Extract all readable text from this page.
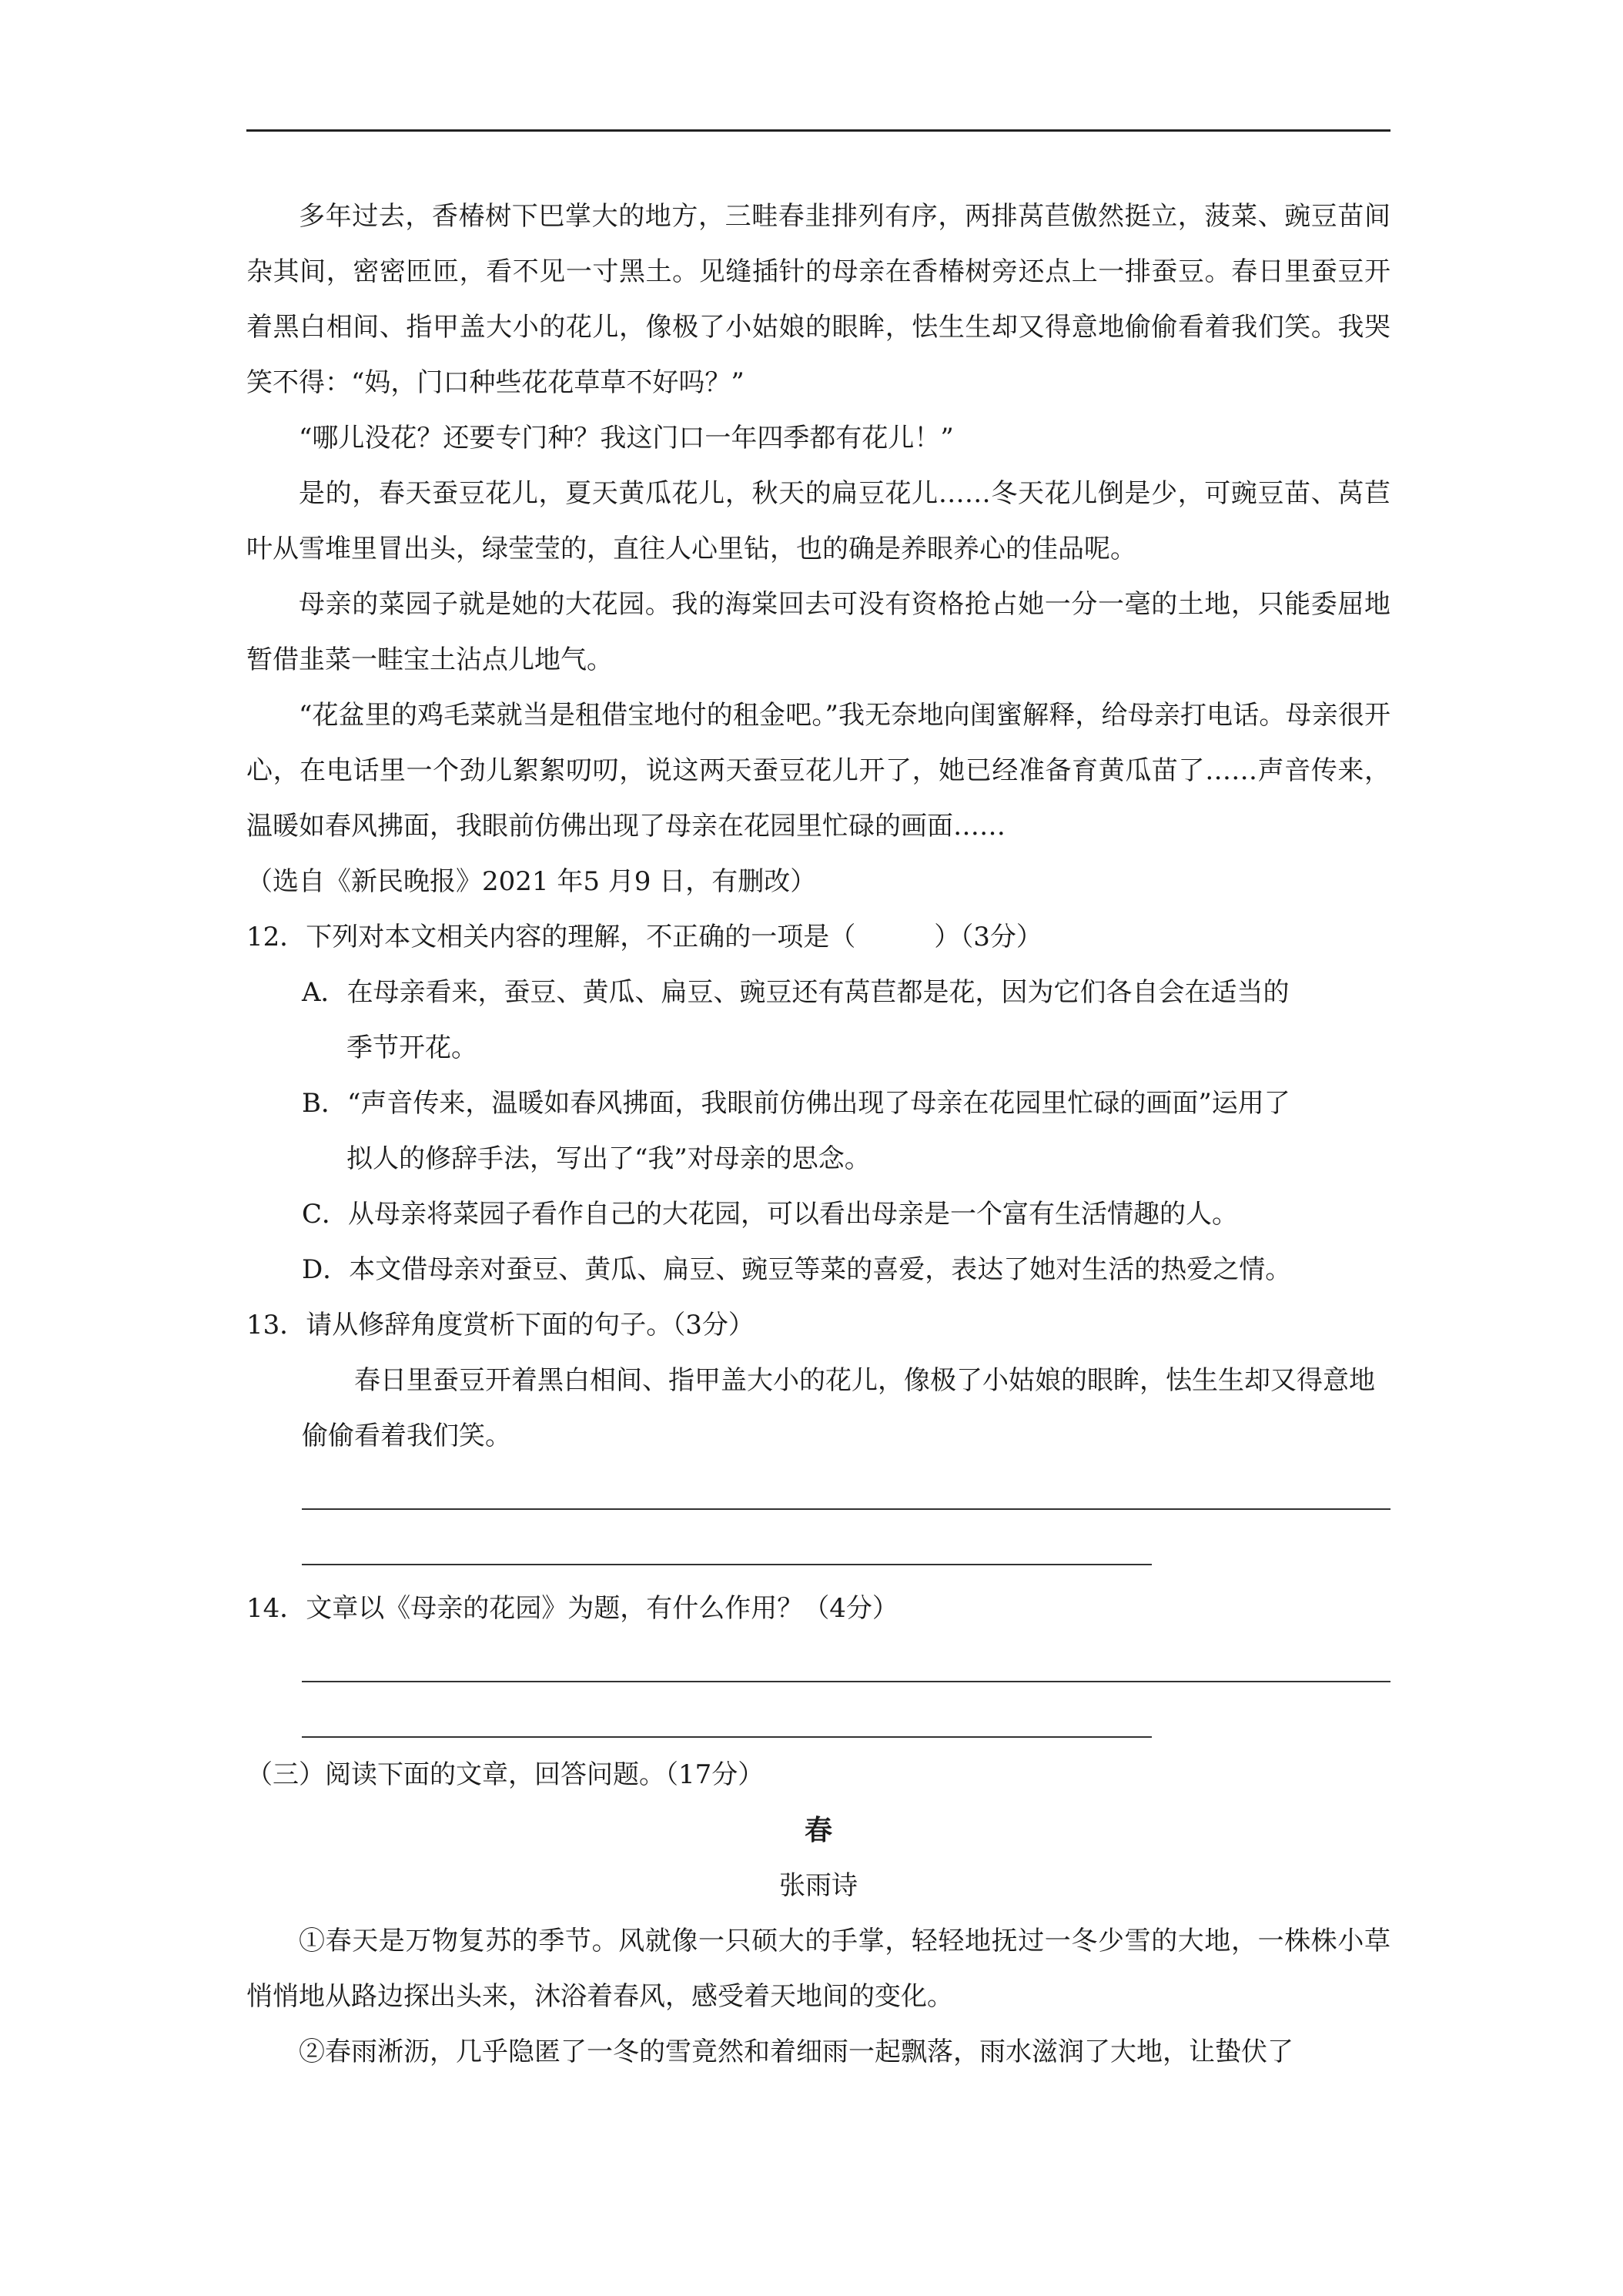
多年过去，香椿树下巴掌大的地方，三畦春韭排列有序，两排莴苣傲然挺立，菠菜、豌豆苗间杂其间，密密匝匝，看不见一寸黑土。见缝插针的母亲在香椿树旁还点上一排蚕豆。春日里蚕豆开着黑白相间、指甲盖大小的花儿，像极了小姑娘的眼眸，怯生生却又得意地偷偷看着我们笑。我哭笑不得：“妈，门口种些花花草草不好吗？”

“哪儿没花？还要专门种？我这门口一年四季都有花儿！”

是的，春天蚕豆花儿，夏天黄瓜花儿，秋天的扁豆花儿……冬天花儿倒是少，可豌豆苗、莴苣叶从雪堆里冒出头，绿莹莹的，直往人心里钻，也的确是养眼养心的佳品呢。

母亲的菜园子就是她的大花园。我的海棠回去可没有资格抢占她一分一毫的土地，只能委屈地暂借韭菜一畦宝土沾点儿地气。

“花盆里的鸡毛菜就当是租借宝地付的租金吧。”我无奈地向闺蜜解释，给母亲打电话。母亲很开心，在电话里一个劲儿絮絮叨叨，说这两天蚕豆花儿开了，她已经准备育黄瓜苗了……声音传来，温暖如春风拂面，我眼前仿佛出现了母亲在花园里忙碌的画面……

（选自《新民晚报》2021 年5 月9 日，有删改）

12．下列对本文相关内容的理解，不正确的一项是（　　　）（3分）

A．在母亲看来，蚕豆、黄瓜、扁豆、豌豆还有莴苣都是花，因为它们各自会在适当的
季节开花。

B．“声音传来，温暖如春风拂面，我眼前仿佛出现了母亲在花园里忙碌的画面”运用了
拟人的修辞手法，写出了“我”对母亲的思念。

C．从母亲将菜园子看作自己的大花园，可以看出母亲是一个富有生活情趣的人。

D．本文借母亲对蚕豆、黄瓜、扁豆、豌豆等菜的喜爱，表达了她对生活的热爱之情。

13．请从修辞角度赏析下面的句子。（3分）

春日里蚕豆开着黑白相间、指甲盖大小的花儿，像极了小姑娘的眼眸，怯生生却又得意地偷偷看着我们笑。

14．文章以《母亲的花园》为题，有什么作用？（4分）

（三）阅读下面的文章，回答问题。（17分）

春

张雨诗

①春天是万物复苏的季节。风就像一只硕大的手掌，轻轻地抚过一冬少雪的大地，一株株小草悄悄地从路边探出头来，沐浴着春风，感受着天地间的变化。

②春雨淅沥，几乎隐匿了一冬的雪竟然和着细雨一起飘落，雨水滋润了大地，让蛰伏了
